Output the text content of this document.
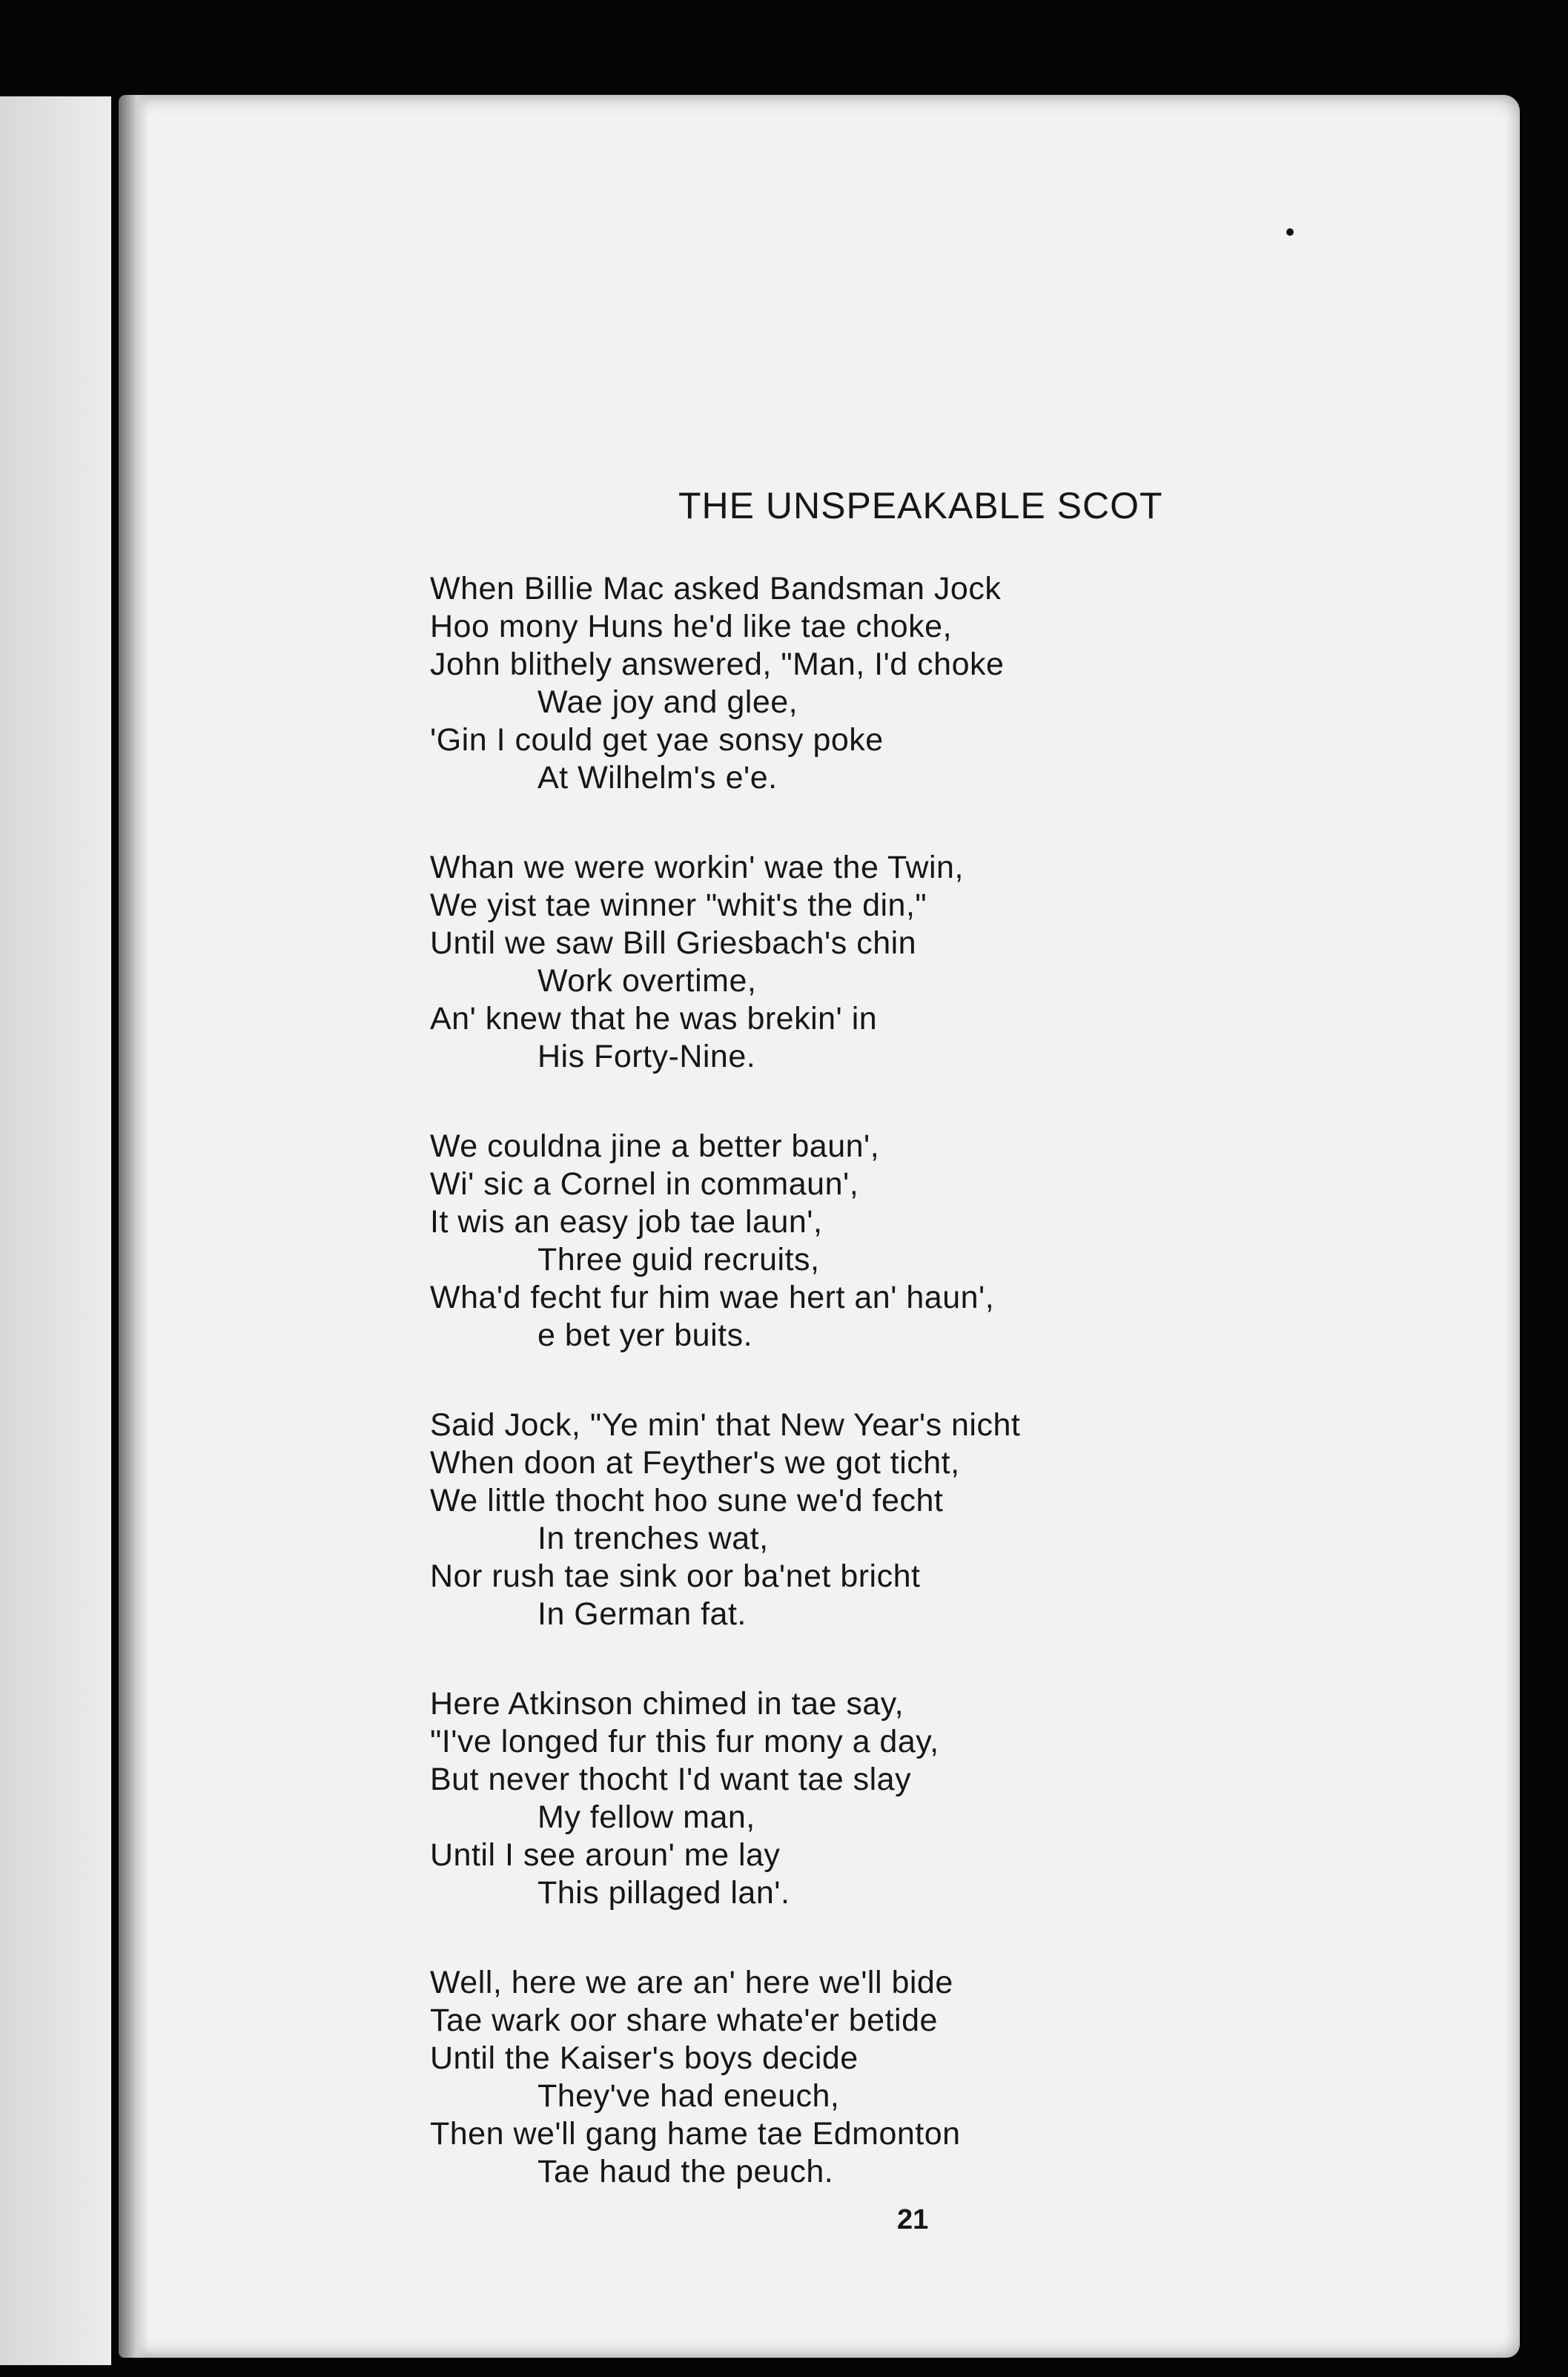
THE UNSPEAKABLE SCOT
When Billie Mac asked Bandsman Jock
Hoo mony Huns he'd like tae choke,
John blithely answered, "Man, I'd choke
Wae joy and glee,
'Gin I could get yae sonsy poke
At Wilhelm's e'e.
Whan we were workin' wae the Twin,
We yist tae winner "whit's the din,"
Until we saw Bill Griesbach's chin
Work overtime,
An' knew that he was brekin' in
His Forty-Nine.
We couldna jine a better baun',
Wi' sic a Cornel in commaun',
It wis an easy job tae laun',
Three guid recruits,
Wha'd fecht fur him wae hert an' haun',
e bet yer buits.
Said Jock, "Ye min' that New Year's nicht
When doon at Feyther's we got ticht,
We little thocht hoo sune we'd fecht
In trenches wat,
Nor rush tae sink oor ba'net bricht
In German fat.
Here Atkinson chimed in tae say,
"I've longed fur this fur mony a day,
But never thocht I'd want tae slay
My fellow man,
Until I see aroun' me lay
This pillaged lan'.
Well, here we are an' here we'll bide
Tae wark oor share whate'er betide
Until the Kaiser's boys decide
They've had eneuch,
Then we'll gang hame tae Edmonton
Tae haud the peuch.
21
